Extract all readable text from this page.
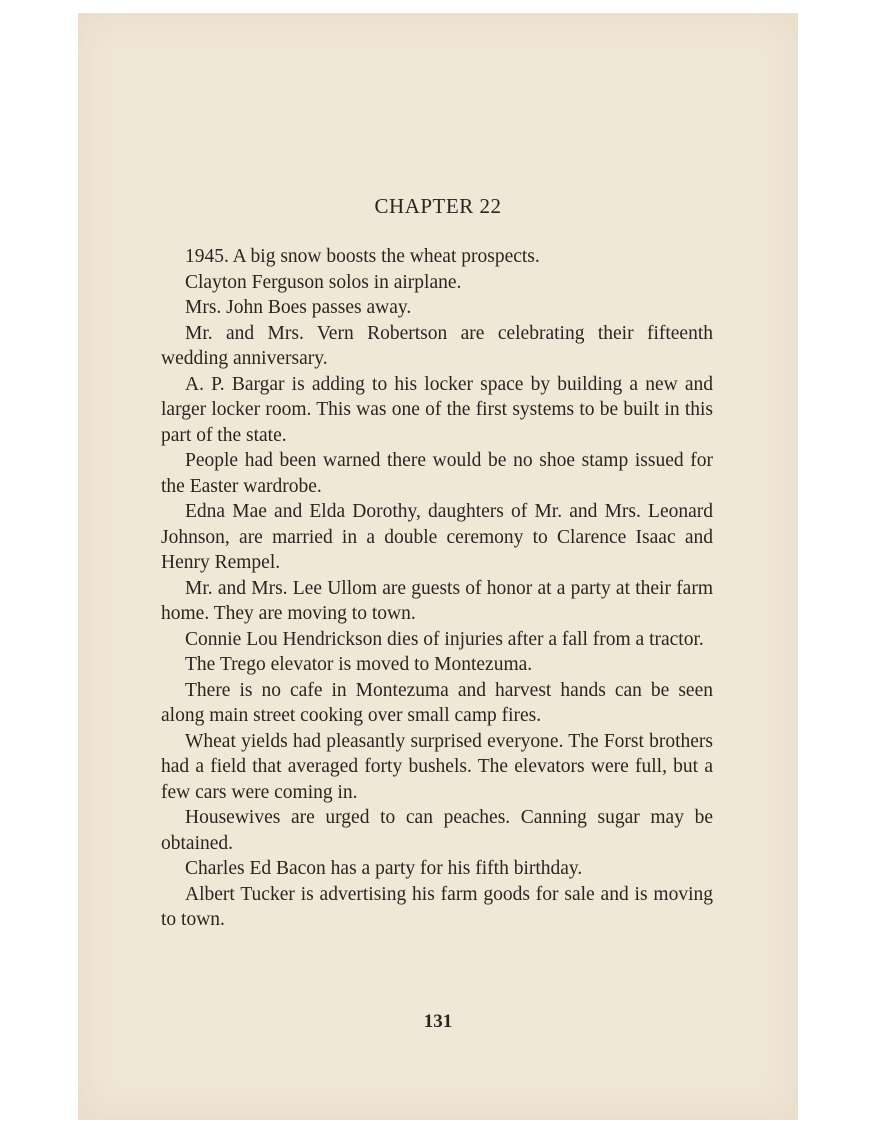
CHAPTER 22

1945. A big snow boosts the wheat prospects.

Clayton Ferguson solos in airplane.

Mrs. John Boes passes away.

Mr. and Mrs. Vern Robertson are celebrating their fifteenth wedding anniversary.

A. P. Bargar is adding to his locker space by building a new and larger locker room. This was one of the first systems to be built in this part of the state.

People had been warned there would be no shoe stamp issued for the Easter wardrobe.

Edna Mae and Elda Dorothy, daughters of Mr. and Mrs. Leonard Johnson, are married in a double ceremony to Clarence Isaac and Henry Rempel.

Mr. and Mrs. Lee Ullom are guests of honor at a party at their farm home. They are moving to town.

Connie Lou Hendrickson dies of injuries after a fall from a tractor.

The Trego elevator is moved to Montezuma.

There is no cafe in Montezuma and harvest hands can be seen along main street cooking over small camp fires.

Wheat yields had pleasantly surprised everyone. The Forst brothers had a field that averaged forty bushels. The elevators were full, but a few cars were coming in.

Housewives are urged to can peaches. Canning sugar may be obtained.

Charles Ed Bacon has a party for his fifth birthday.

Albert Tucker is advertising his farm goods for sale and is moving to town.

131
